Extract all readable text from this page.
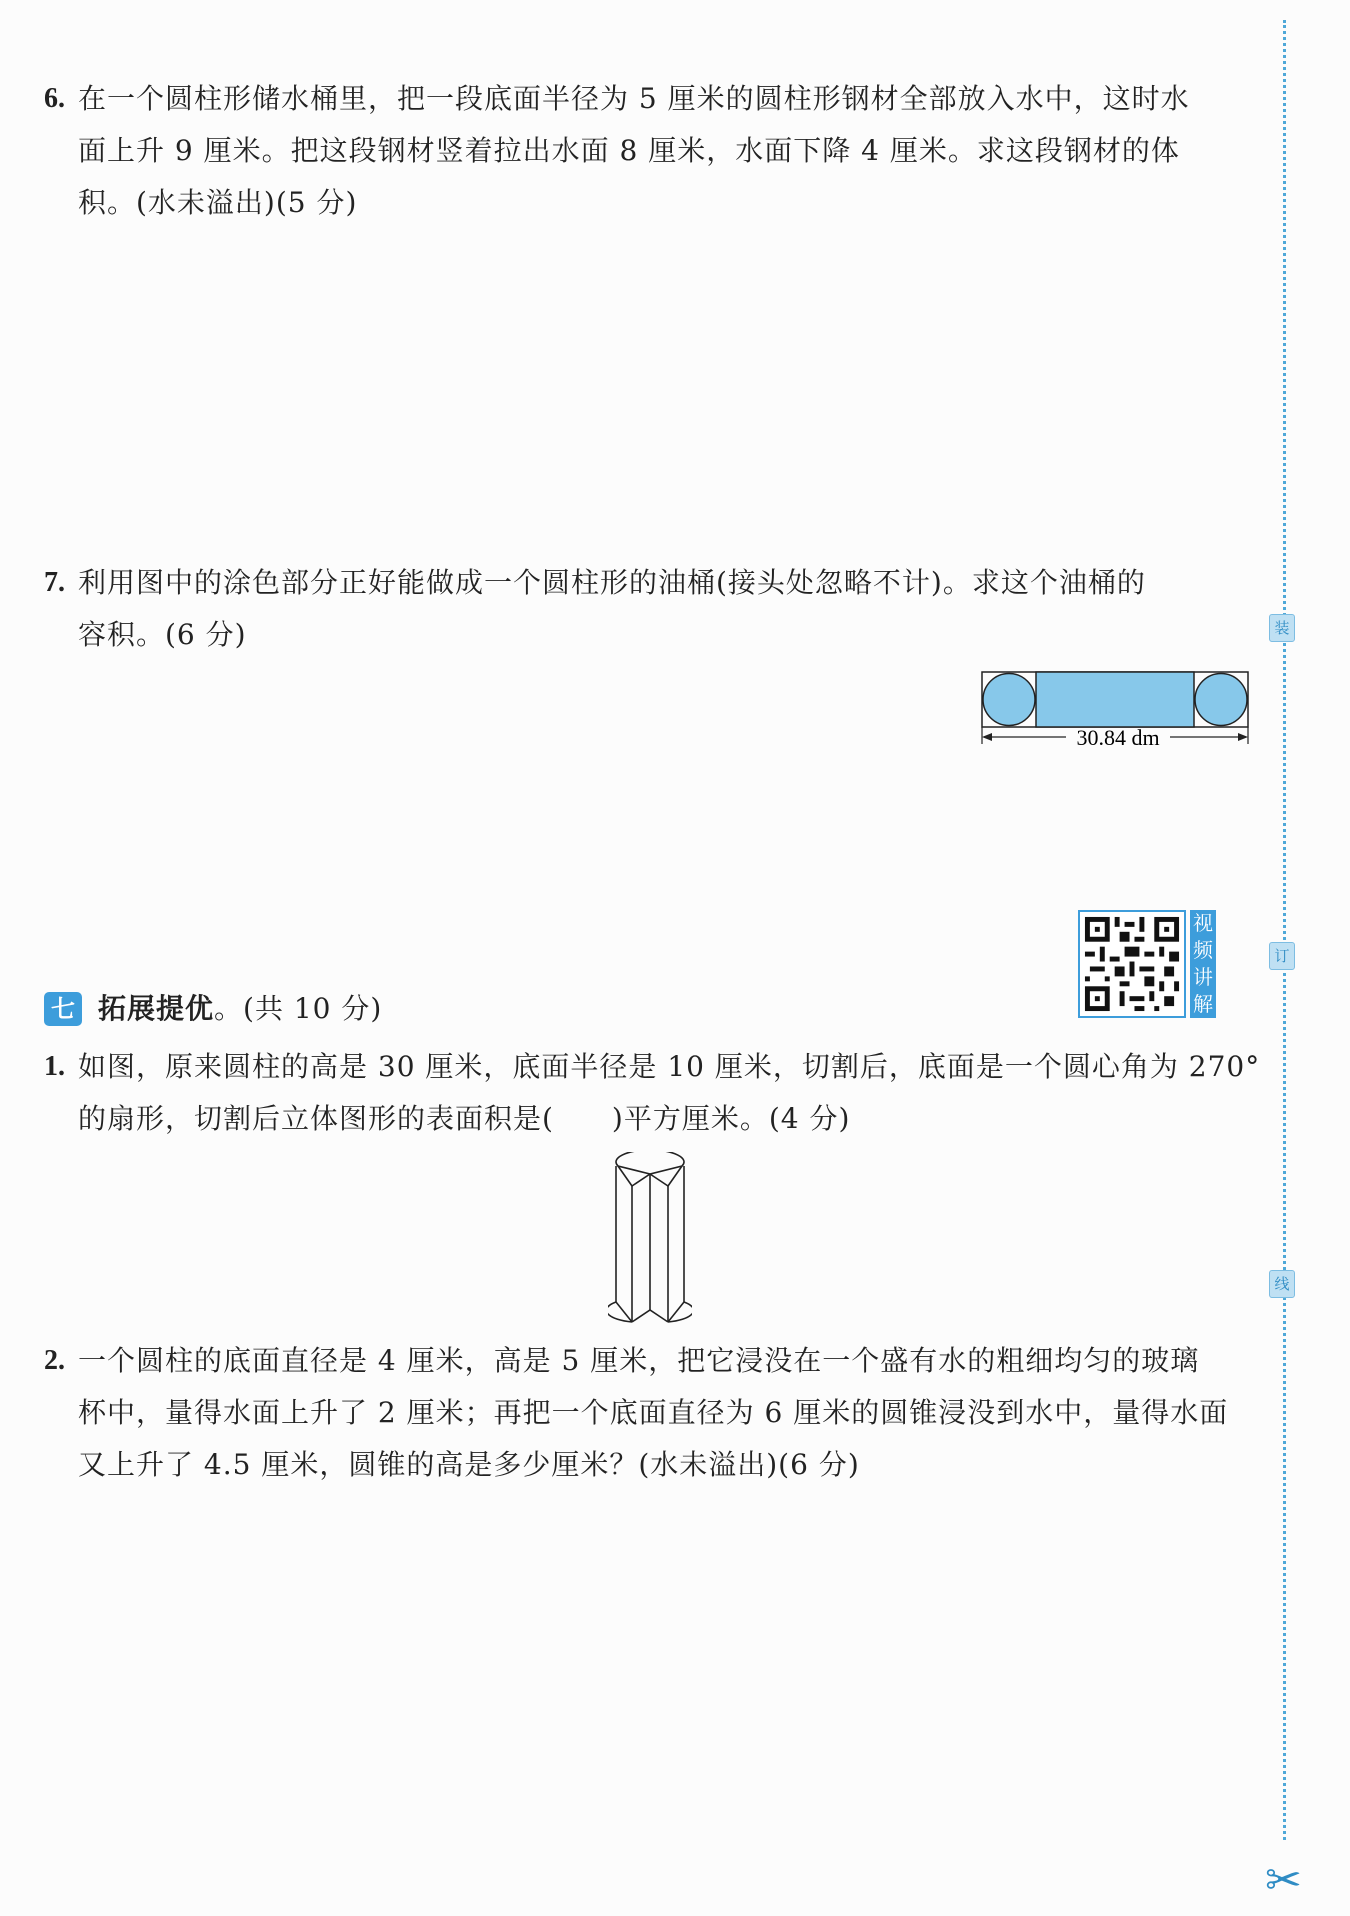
装
订
线
✂
6. 在一个圆柱形储水桶里，把一段底面半径为 5 厘米的圆柱形钢材全部放入水中，这时水
面上升 9 厘米。把这段钢材竖着拉出水面 8 厘米，水面下降 4 厘米。求这段钢材的体
积。(水未溢出)(5 分)
7. 利用图中的涂色部分正好能做成一个圆柱形的油桶(接头处忽略不计)。求这个油桶的
容积。(6 分)
30.84 dm
视
频
讲
解
七 拓展提优。(共 10 分)
1. 如图，原来圆柱的高是 30 厘米，底面半径是 10 厘米，切割后，底面是一个圆心角为 270°
的扇形，切割后立体图形的表面积是(　　)平方厘米。(4 分)
2. 一个圆柱的底面直径是 4 厘米，高是 5 厘米，把它浸没在一个盛有水的粗细均匀的玻璃
杯中，量得水面上升了 2 厘米；再把一个底面直径为 6 厘米的圆锥浸没到水中，量得水面
又上升了 4.5 厘米，圆锥的高是多少厘米？(水未溢出)(6 分)
